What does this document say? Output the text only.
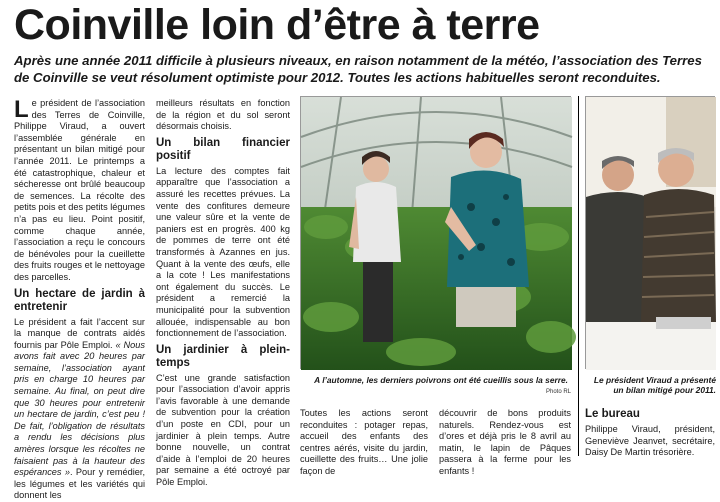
Coinville loin d’être à terre
Après une année 2011 difficile à plusieurs niveaux, en raison notamment de la météo, l’association des Terres de Coinville se veut résolument optimiste pour 2012. Toutes les actions habituelles seront reconduites.

Le président de l’association des Terres de Coinville, Philippe Viraud, a ouvert l’assemblée générale en présentant un bilan mitigé pour l’année 2011. Le printemps a été catastrophique, chaleur et sécheresse ont brûlé beaucoup de semences. La récolte des petits pois et des petits légumes n’a pas eu lieu. Point positif, comme chaque année, l’association a reçu le concours de bénévoles pour la cueillette des fruits rouges et le nettoyage des parcelles.

Un hectare de jardin à entretenir

Le président a fait l’accent sur la manque de contrats aidés fournis par Pôle Emploi. « Nous avons fait avec 20 heures par semaine, l’association ayant pris en charge 10 heures par semaine. Au final, on peut dire que 30 heures pour entretenir un hectare de jardin, c’est peu ! De fait, l’obligation de résultats a rendu les décisions plus amères lorsque les récoltes ne faisaient pas à la hauteur des espérances ». Pour y remédier, les légumes et les variétés qui donnent les

meilleurs résultats en fonction de la région et du sol seront désormais choisis.

Un bilan financier positif

La lecture des comptes fait apparaître que l’association a assuré les recettes prévues. La vente des confitures demeure une valeur sûre et la vente de paniers est en progrès. 400 kg de pommes de terre ont été transformés à Azannes en jus. Quant à la vente des œufs, elle a la cote ! Les manifestations ont également du succès. Le président a remercié la municipalité pour la subvention allouée, indispensable au bon fonctionnement de l’association.

Un jardinier à plein-temps

C’est une grande satisfaction pour l’association d’avoir appris l’avis favorable à une demande de subvention pour la création d’un poste en CDI, pour un jardinier à plein temps. Autre bonne nouvelle, un contrat d’aide à l’emploi de 20 heures par semaine a été octroyé par Pôle Emploi.

A l’automne, les derniers poivrons ont été cueillis sous la serre.
Photo RL
Le président Viraud a présenté un bilan mitigé pour 2011.

Toutes les actions seront reconduites : potager repas, accueil des enfants des centres aérés, visite du jardin, cueillette des fruits… Une jolie façon de

découvrir de bons produits naturels. Rendez-vous est d’ores et déjà pris le 8 avril au matin, le lapin de Pâques passera à la ferme pour les enfants !

Le bureau

Philippe Viraud, président, Geneviève Jeanvet, secrétaire, Daisy De Martin trésorière.
